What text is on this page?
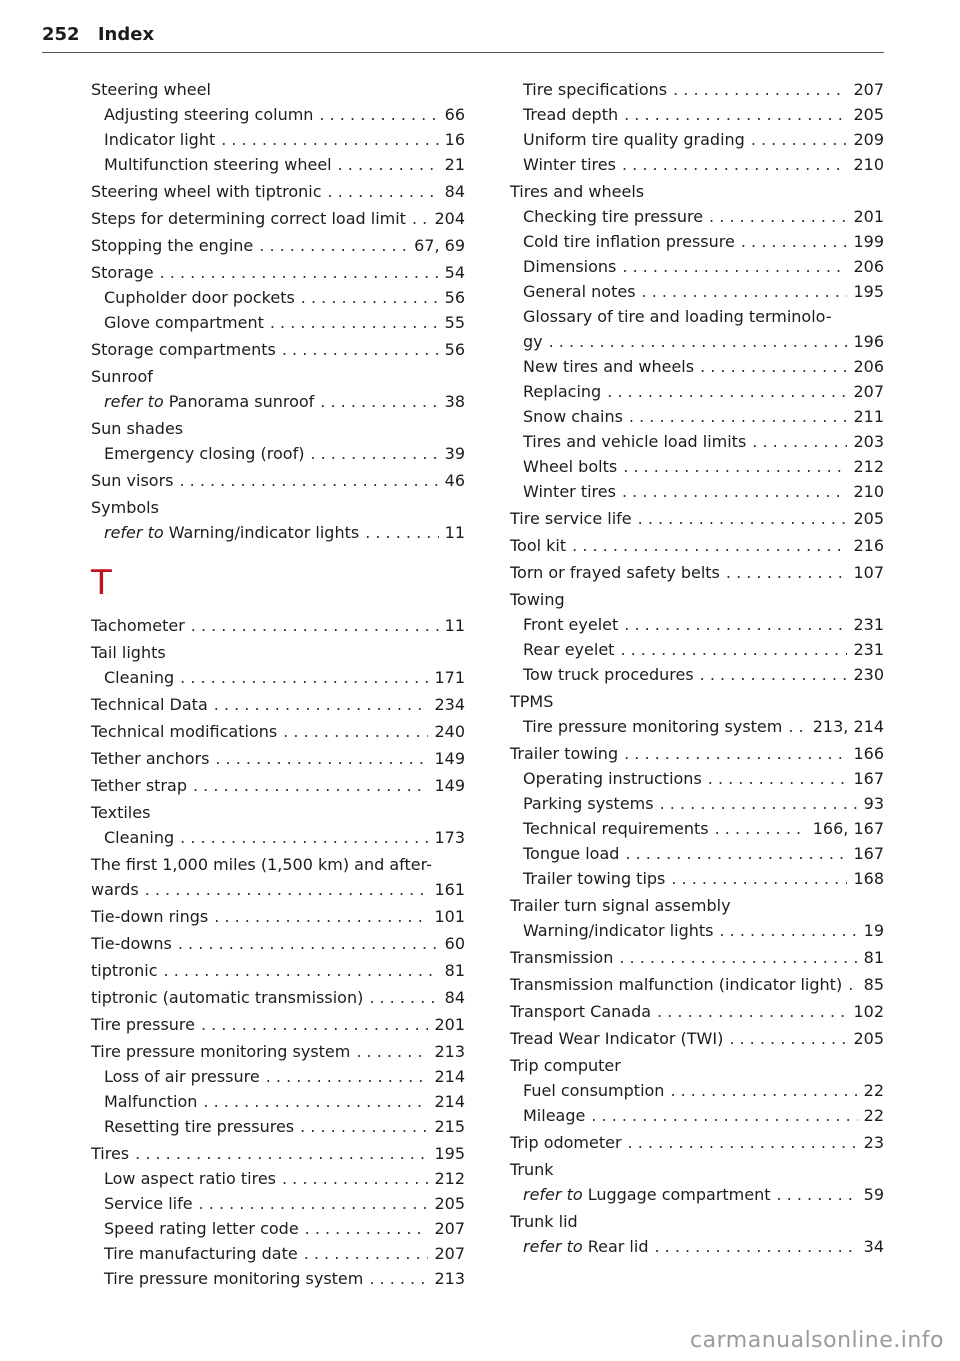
252 Index
Steering wheel
Adjusting steering column . . .	66
Indicator light . . .	16
Multifunction steering wheel . . .	21
Steering wheel with tiptronic . . .	84
Steps for determining correct load limit . . . 204
Stopping the engine . . .	67, 69
Storage . . .	54
Cupholder door pockets . . .	56
Glove compartment . . .	55
Storage compartments . . .	56
Sunroof
refer to Panorama sunroof . . .	38
Sun shades
Emergency closing (roof) . . .	39
Sun visors . . .	46
Symbols
refer to Warning/indicator lights . . .	11
T
Tachometer . . .	11
Tail lights
Cleaning . . .	171
Technical Data . . .	234
Technical modifications . . .	240
Tether anchors . . .	149
Tether strap . . .	149
Textiles
Cleaning . . .	173
The first 1,000 miles (1,500 km) and after-
wards . . .	161
Tie-down rings . . .	101
Tie-downs . . .	60
tiptronic . . .	81
tiptronic (automatic transmission) . . .	84
Tire pressure . . .	201
Tire pressure monitoring system . . .	213
Loss of air pressure . . .	214
Malfunction . . .	214
Resetting tire pressures . . .	215
Tires . . .	195
Low aspect ratio tires . . .	212
Service life . . .	205
Speed rating letter code . . .	207
Tire manufacturing date . . .	207
Tire pressure monitoring system . . .	213
Tire specifications . . .	207
Tread depth . . .	205
Uniform tire quality grading . . .	209
Winter tires . . .	210
Tires and wheels
Checking tire pressure . . .	201
Cold tire inflation pressure . . .	199
Dimensions . . .	206
General notes . . .	195
Glossary of tire and loading terminolo-
gy . . .	196
New tires and wheels . . .	206
Replacing . . .	207
Snow chains . . .	211
Tires and vehicle load limits . . .	203
Wheel bolts . . .	212
Winter tires . . .	210
Tire service life . . .	205
Tool kit . . .	216
Torn or frayed safety belts . . .	107
Towing
Front eyelet . . .	231
Rear eyelet . . .	231
Tow truck procedures . . .	230
TPMS
Tire pressure monitoring system . . . 213, 214
Trailer towing . . .	166
Operating instructions . . .	167
Parking systems . . .	93
Technical requirements . . .	166, 167
Tongue load . . .	167
Trailer towing tips . . .	168
Trailer turn signal assembly
Warning/indicator lights . . .	19
Transmission . . .	81
Transmission malfunction (indicator light) . . . 85
Transport Canada . . .	102
Tread Wear Indicator (TWI) . . .	205
Trip computer
Fuel consumption . . .	22
Mileage . . .	22
Trip odometer . . .	23
Trunk
refer to Luggage compartment . . .	59
Trunk lid
refer to Rear lid . . .	34
carmanualsonline.info
